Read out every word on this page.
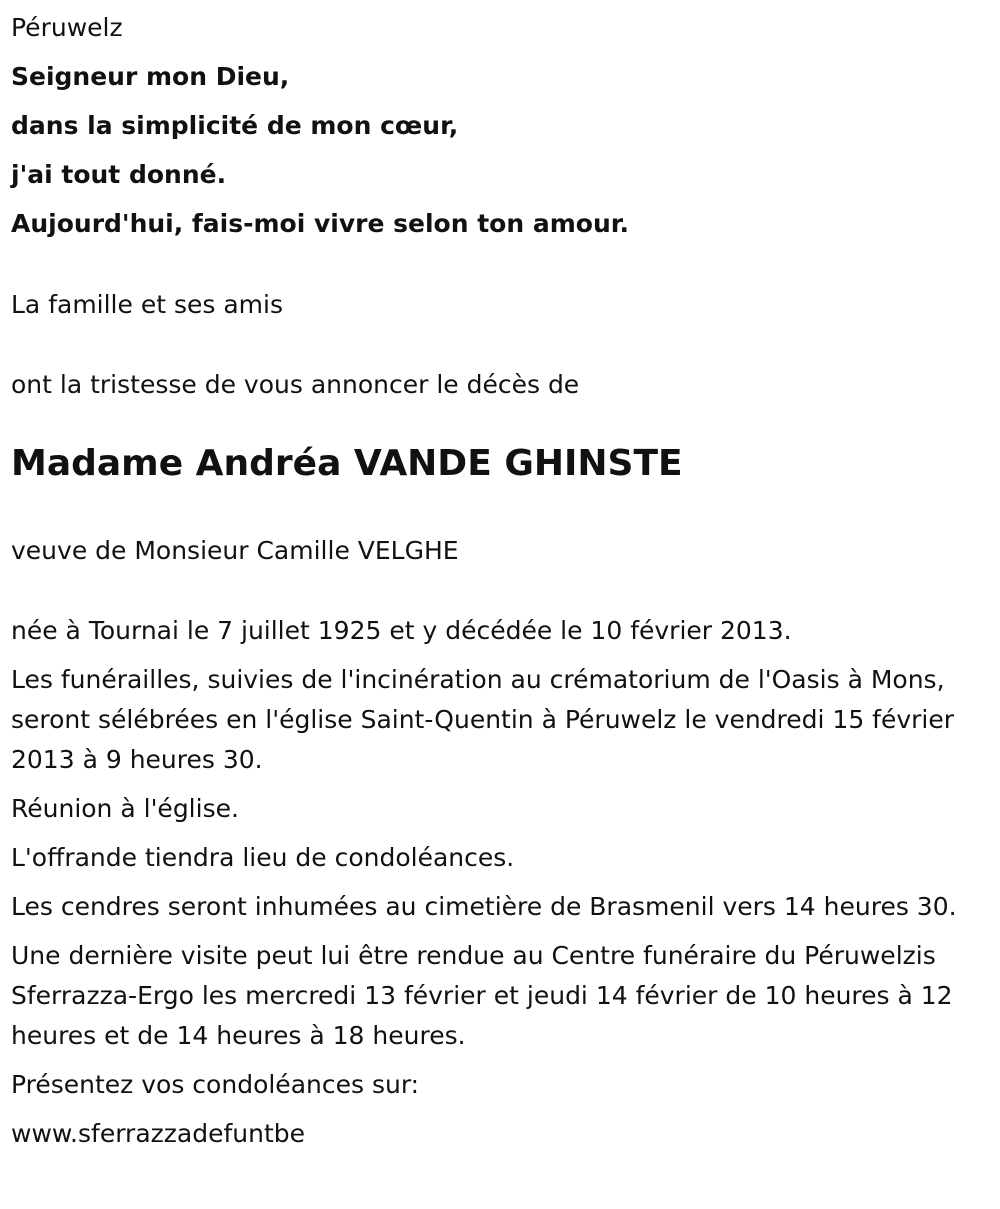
Péruwelz

Seigneur mon Dieu,

dans la simplicité de mon cœur,

j'ai tout donné.

Aujourd'hui, fais-moi vivre selon ton amour.

La famille et ses amis

ont la tristesse de vous annoncer le décès de

Madame Andréa VANDE GHINSTE

veuve de Monsieur Camille VELGHE

née à Tournai le 7 juillet 1925 et y décédée le 10 février 2013.

Les funérailles, suivies de l'incinération au crématorium de l'Oasis à Mons, seront sélébrées en l'église Saint-Quentin à Péruwelz le vendredi 15 février 2013 à 9 heures 30.

Réunion à l'église.

L'offrande tiendra lieu de condoléances.

Les cendres seront inhumées au cimetière de Brasmenil vers 14 heures 30.

Une dernière visite peut lui être rendue au Centre funéraire du Péruwelzis Sferrazza-Ergo les mercredi 13 février et jeudi 14 février de 10 heures à 12 heures et de 14 heures à 18 heures.

Présentez vos condoléances sur:

www.sferrazzadefuntbe
